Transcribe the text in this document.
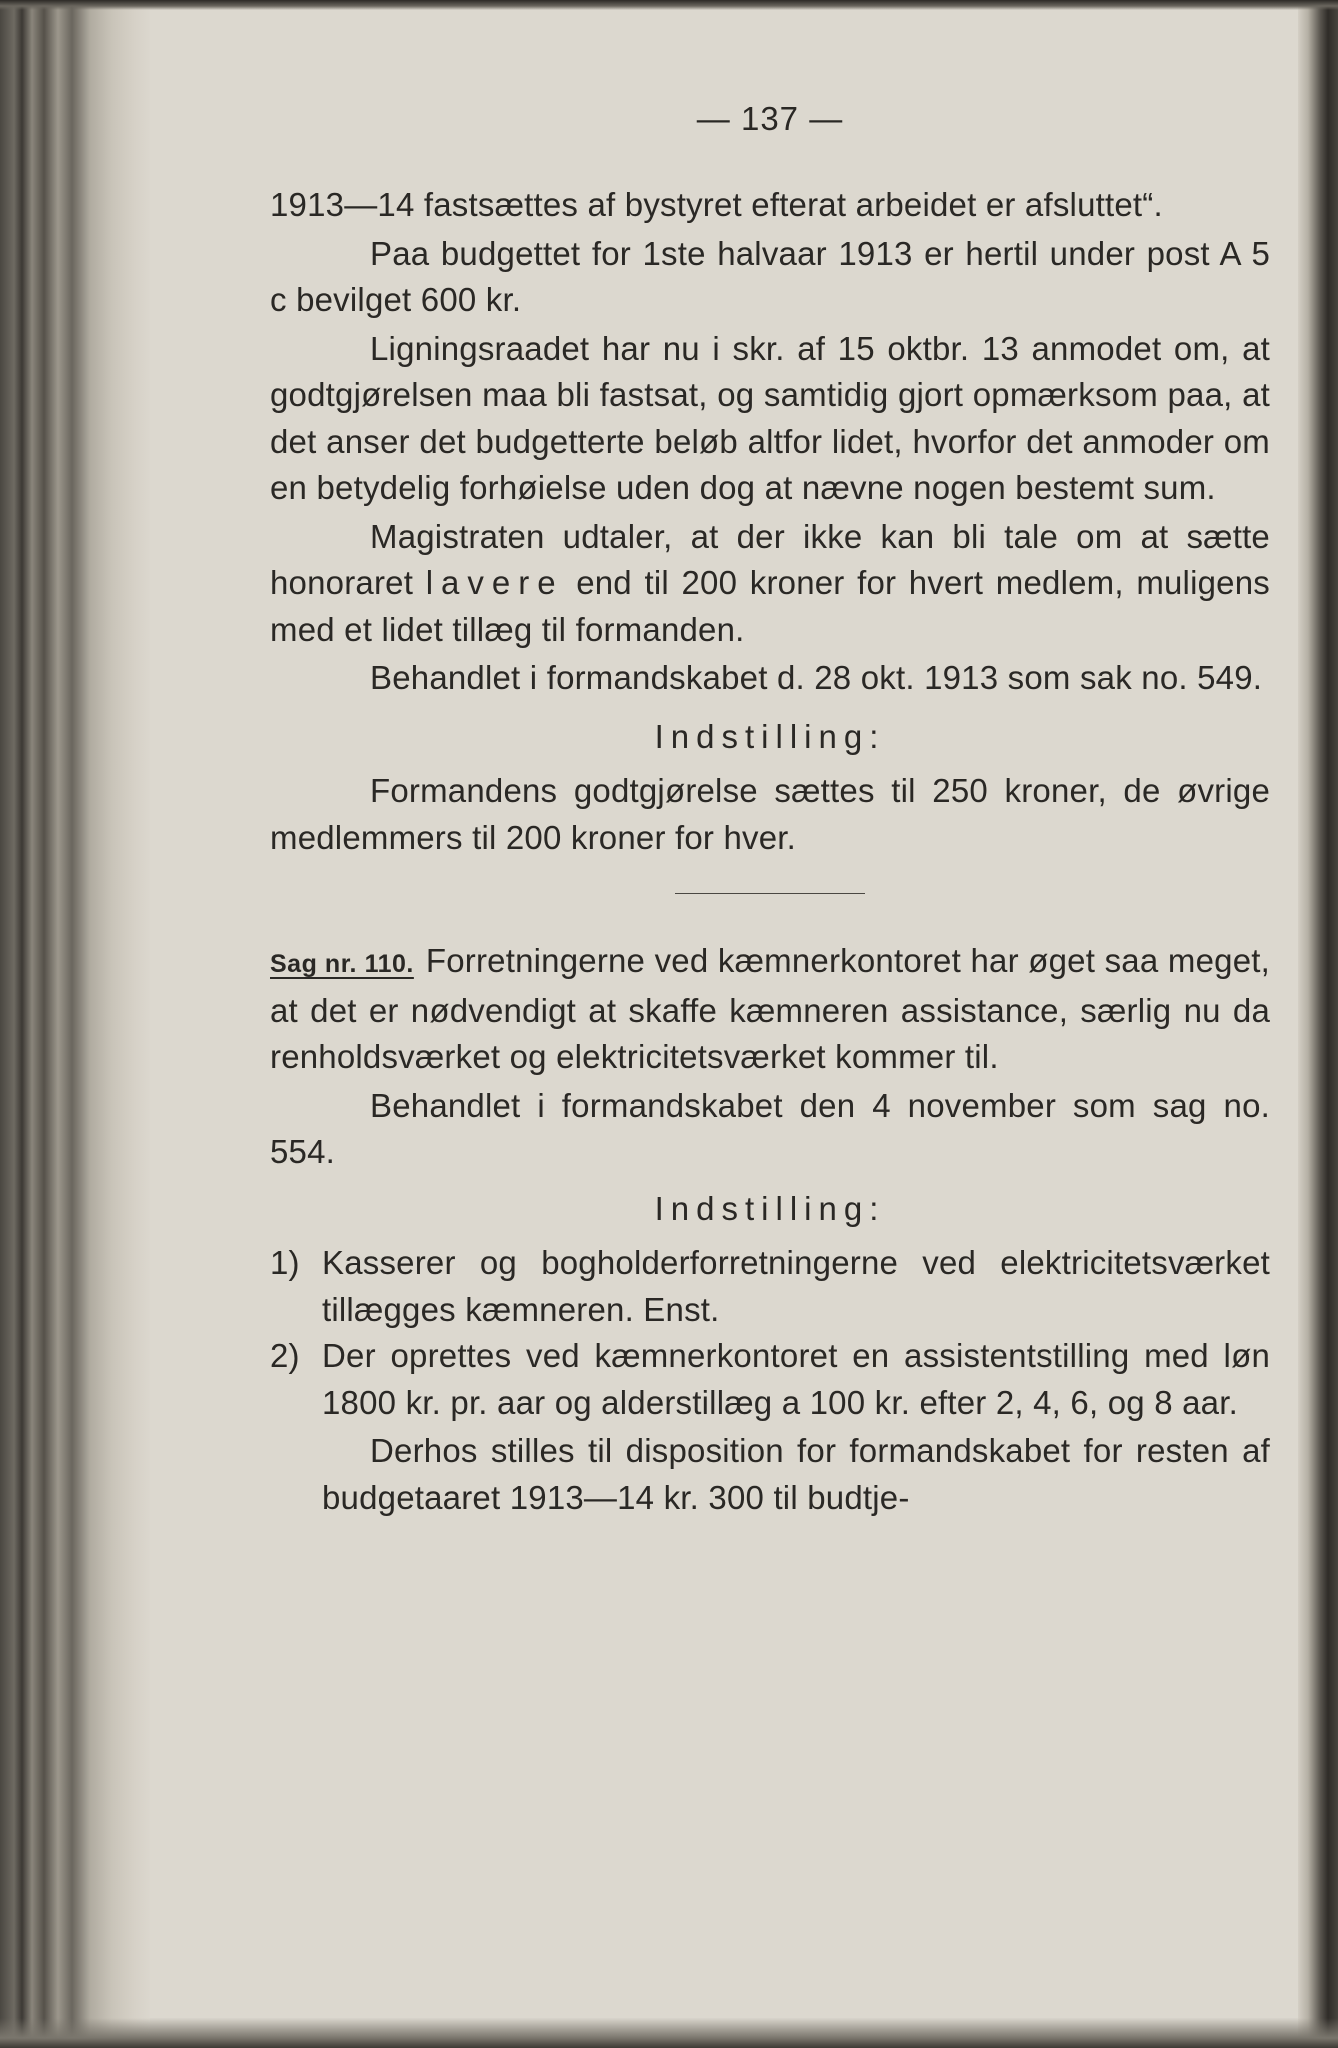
— 137 —

1913—14 fastsættes af bystyret efterat arbeidet er afsluttet“.

Paa budgettet for 1ste halvaar 1913 er hertil under post A 5 c bevilget 600 kr.

Ligningsraadet har nu i skr. af 15 oktbr. 13 anmodet om, at godtgjørelsen maa bli fastsat, og samtidig gjort opmærksom paa, at det anser det budgetterte beløb altfor lidet, hvorfor det anmoder om en betydelig forhøielse uden dog at nævne nogen bestemt sum.

Magistraten udtaler, at der ikke kan bli tale om at sætte honoraret lavere end til 200 kroner for hvert medlem, muligens med et lidet tillæg til formanden.

Behandlet i formandskabet d. 28 okt. 1913 som sak no. 549.

Indstilling:

Formandens godtgjørelse sættes til 250 kroner, de øvrige medlemmers til 200 kroner for hver.

Sag nr. 110. Forretningerne ved kæmnerkontoret har øget saa meget, at det er nødvendigt at skaffe kæmneren assistance, særlig nu da renholdsværket og elektricitetsværket kommer til.

Behandlet i formandskabet den 4 november som sag no. 554.

Indstilling:

1) Kasserer og bogholderforretningerne ved elektricitetsværket tillægges kæmneren. Enst.

2) Der oprettes ved kæmnerkontoret en assistentstilling med løn 1800 kr. pr. aar og alderstillæg a 100 kr. efter 2, 4, 6, og 8 aar.

Derhos stilles til disposition for formandskabet for resten af budgetaaret 1913—14 kr. 300 til budtje-
